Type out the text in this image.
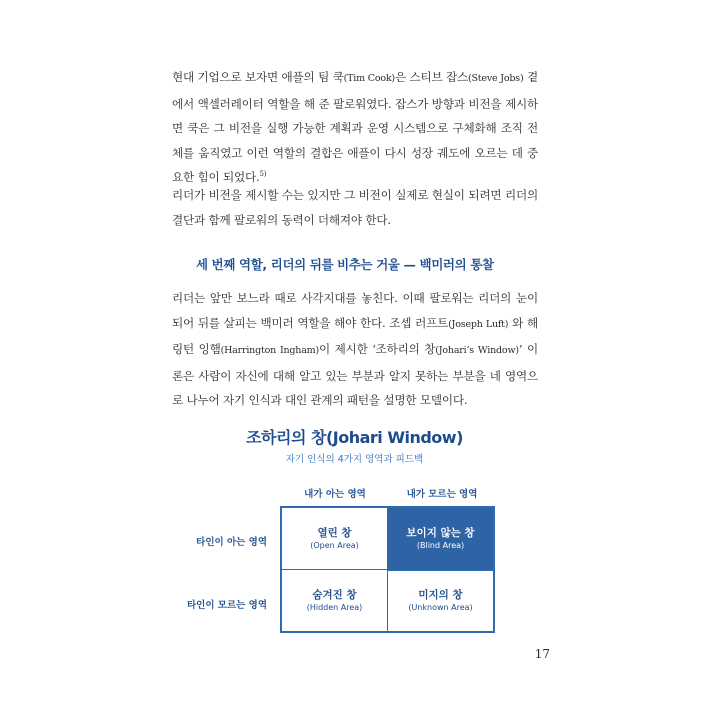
현대 기업으로 보자면 애플의 팀 쿡(Tim Cook)은 스티브 잡스(Steve Jobs) 곁에서 액셀러레이터 역할을 해 준 팔로워였다. 잡스가 방향과 비전을 제시하면 쿡은 그 비전을 실행 가능한 계획과 운영 시스템으로 구체화해 조직 전체를 움직였고 이런 역할의 결합은 애플이 다시 성장 궤도에 오르는 데 중요한 힘이 되었다.$^{5)}$

리더가 비전을 제시할 수는 있지만 그 비전이 실제로 현실이 되려면 리더의 결단과 함께 팔로워의 동력이 더해져야 한다.

세 번째 역할, 리더의 뒤를 비추는 거울 — 백미러의 통찰

리더는 앞만 보느라 때로 사각지대를 놓친다. 이때 팔로워는 리더의 눈이 되어 뒤를 살피는 백미러 역할을 해야 한다. 조셉 러프트(Joseph Luft) 와 해링턴 잉햄(Harrington Ingham)이 제시한 ‘조하리의 창(Johari’s Window)’ 이론은 사람이 자신에 대해 알고 있는 부분과 알지 못하는 부분을 네 영역으로 나누어 자기 인식과 대인 관계의 패턴을 설명한 모델이다.

조하리의 창(Johari Window)

자기 인식의 4가지 영역과 피드백

내가 아는 영역	내가 모르는 영역
타인이 아는 영역
타인이 모르는 영역
열린 창
(Open Area)
보이지 않는 창
(Blind Area)
숨겨진 창
(Hidden Area)
미지의 창
(Unknown Area)

17
